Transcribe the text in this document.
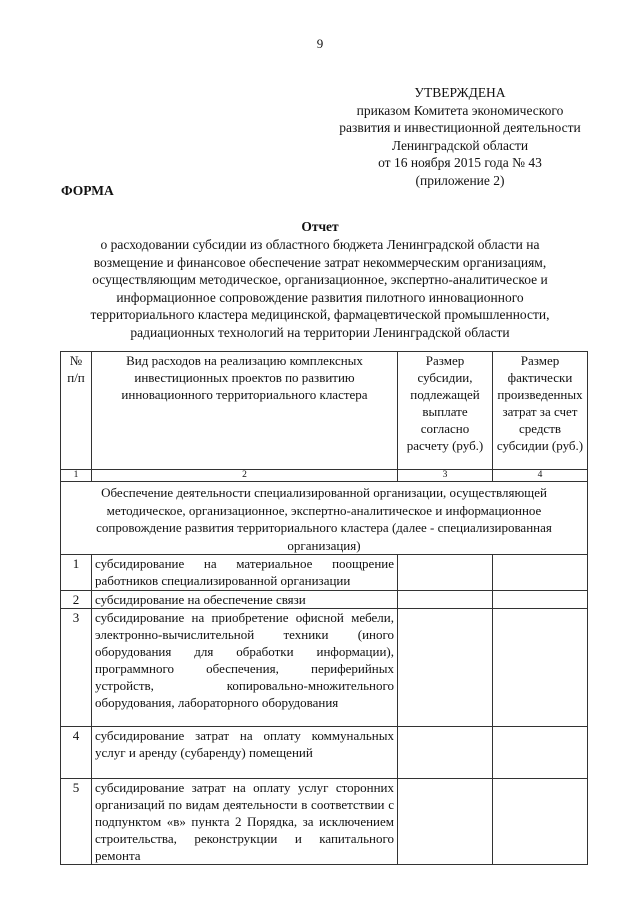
9
УТВЕРЖДЕНА
приказом Комитета экономического
развития и инвестиционной деятельности
Ленинградской области
от 16 ноября 2015 года № 43
(приложение 2)
ФОРМА
Отчет
о расходовании субсидии из областного бюджета Ленинградской области на
возмещение и финансовое обеспечение затрат некоммерческим организациям,
осуществляющим методическое, организационное, экспертно-аналитическое и
информационное сопровождение развития пилотного инновационного
территориального кластера медицинской, фармацевтической промышленности,
радиационных технологий на территории Ленинградской области
№ п/п	Вид расходов на реализацию комплексных инвестиционных проектов по развитию инновационного территориального кластера	Размер субсидии, подлежащей выплате согласно расчету (руб.)	Размер фактически произведенных затрат за счет средств субсидии (руб.)
1	2	3	4
Обеспечение деятельности специализированной организации, осуществляющей методическое, организационное, экспертно-аналитическое и информационное сопровождение развития территориального кластера (далее - специализированная организация)			
1	субсидирование на материальное поощрение работников специализированной организации		
2	субсидирование на обеспечение связи		
3	субсидирование на приобретение офисной мебели, электронно-вычислительной техники (иного оборудования для обработки информации), программного обеспечения, периферийных устройств, копировально-множительного оборудования, лабораторного оборудования		
4	субсидирование затрат на оплату коммунальных услуг и аренду (субаренду) помещений		
5	субсидирование затрат на оплату услуг сторонних организаций по видам деятельности в соответствии с подпунктом «в» пункта 2 Порядка, за исключением строительства, реконструкции и капитального ремонта		
